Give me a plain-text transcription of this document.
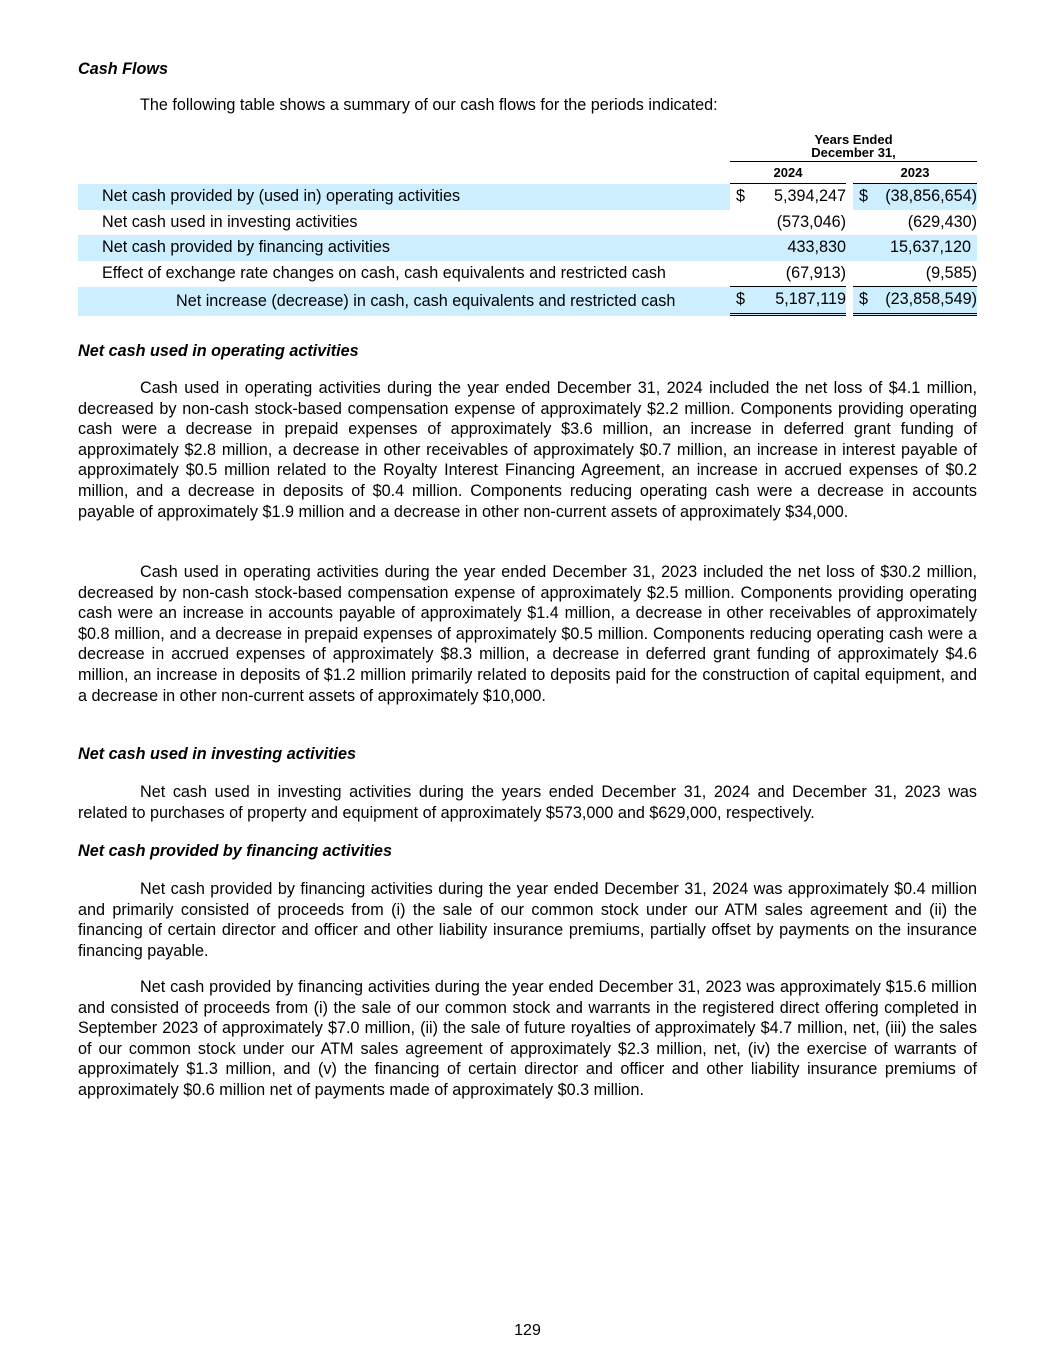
Cash Flows
The following table shows a summary of our cash flows for the periods indicated:

	Years Ended
December 31,				

	2024			2023	
Net cash provided by (used in) operating activities	$	5,394,247		$	(38,856,654)
Net cash used in investing activities		(573,046)			(629,430)
Net cash provided by financing activities		433,830			15,637,120
Effect of exchange rate changes on cash, cash equivalents and restricted cash		(67,913)			(9,585)
Net increase (decrease) in cash, cash equivalents and restricted cash	$	5,187,119		$	(23,858,549)
Net cash used in operating activities

Cash used in operating activities during the year ended December 31, 2024 included the net loss of $4.1 million, decreased by non-cash stock-based compensation expense of approximately $2.2 million. Components providing operating cash were a decrease in prepaid expenses of approximately $3.6 million, an increase in deferred grant funding of approximately $2.8 million, a decrease in other receivables of approximately $0.7 million, an increase in interest payable of approximately $0.5 million related to the Royalty Interest Financing Agreement, an increase in accrued expenses of $0.2 million, and a decrease in deposits of $0.4 million. Components reducing operating cash were a decrease in accounts payable of approximately $1.9 million and a decrease in other non-current assets of approximately $34,000.

Cash used in operating activities during the year ended December 31, 2023 included the net loss of $30.2 million, decreased by non-cash stock-based compensation expense of approximately $2.5 million. Components providing operating cash were an increase in accounts payable of approximately $1.4 million, a decrease in other receivables of approximately $0.8 million, and a decrease in prepaid expenses of approximately $0.5 million. Components reducing operating cash were a decrease in accrued expenses of approximately $8.3 million, a decrease in deferred grant funding of approximately $4.6 million, an increase in deposits of $1.2 million primarily related to deposits paid for the construction of capital equipment, and a decrease in other non-current assets of approximately $10,000.

Net cash used in investing activities

Net cash used in investing activities during the years ended December 31, 2024 and December 31, 2023 was related to purchases of property and equipment of approximately $573,000 and $629,000, respectively.

Net cash provided by financing activities

Net cash provided by financing activities during the year ended December 31, 2024 was approximately $0.4 million and primarily consisted of proceeds from (i) the sale of our common stock under our ATM sales agreement and (ii) the financing of certain director and officer and other liability insurance premiums, partially offset by payments on the insurance financing payable.

Net cash provided by financing activities during the year ended December 31, 2023 was approximately $15.6 million and consisted of proceeds from (i) the sale of our common stock and warrants in the registered direct offering completed in September 2023 of approximately $7.0 million, (ii) the sale of future royalties of approximately $4.7 million, net, (iii) the sales of our common stock under our ATM sales agreement of approximately $2.3 million, net, (iv) the exercise of warrants of approximately $1.3 million, and (v) the financing of certain director and officer and other liability insurance premiums of approximately $0.6 million net of payments made of approximately $0.3 million.

129
